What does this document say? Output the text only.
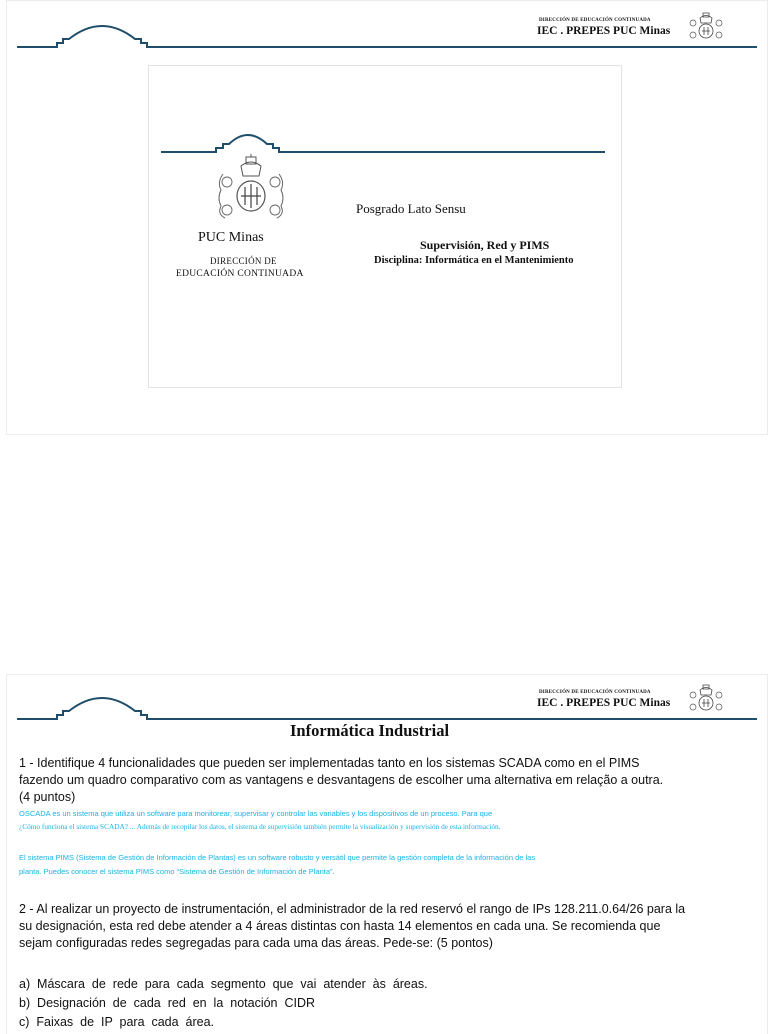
DIRECCIÓN DE EDUCACIÓN CONTINUADA
IEC . PREPES PUC Minas
PUC Minas
DIRECCIÓN DE
EDUCACIÓN CONTINUADA
Posgrado Lato Sensu
Supervisión, Red y PIMS
Disciplina: Informática en el Mantenimiento
DIRECCIÓN DE EDUCACIÓN CONTINUADA
IEC . PREPES PUC Minas
Informática Industrial
1 - Identifique 4 funcionalidades que pueden ser implementadas tanto en los sistemas SCADA como en el PIMS
fazendo um quadro comparativo com as vantagens e desvantagens de escolher uma alternativa em relação a outra.
(4 puntos)
OSCADA es un sistema que utiliza un software para monitorear, supervisar y controlar las variables y los dispositivos de un proceso. Para que
¿Cómo funciona el sistema SCADA? ... Además de recopilar los datos, el sistema de supervisión también permite la visualización y supervisión de esta información.
El sistema PIMS (Sistema de Gestión de Información de Plantas) es un software robusto y versátil que permite la gestión completa de la información de las
planta. Puedes conocer el sistema PIMS como “Sistema de Gestión de Información de Planta”.
2 - Al realizar un proyecto de instrumentación, el administrador de la red reservó el rango de IPs 128.211.0.64/26 para la
su designación, esta red debe atender a 4 áreas distintas con hasta 14 elementos en cada una. Se recomienda que
sejam configuradas redes segregadas para cada uma das áreas. Pede-se: (5 pontos)
a)  Máscara  de  rede  para  cada  segmento  que  vai  atender  às  áreas.
b)  Designación  de  cada  red  en  la  notación  CIDR
c)  Faixas  de  IP  para  cada  área.
